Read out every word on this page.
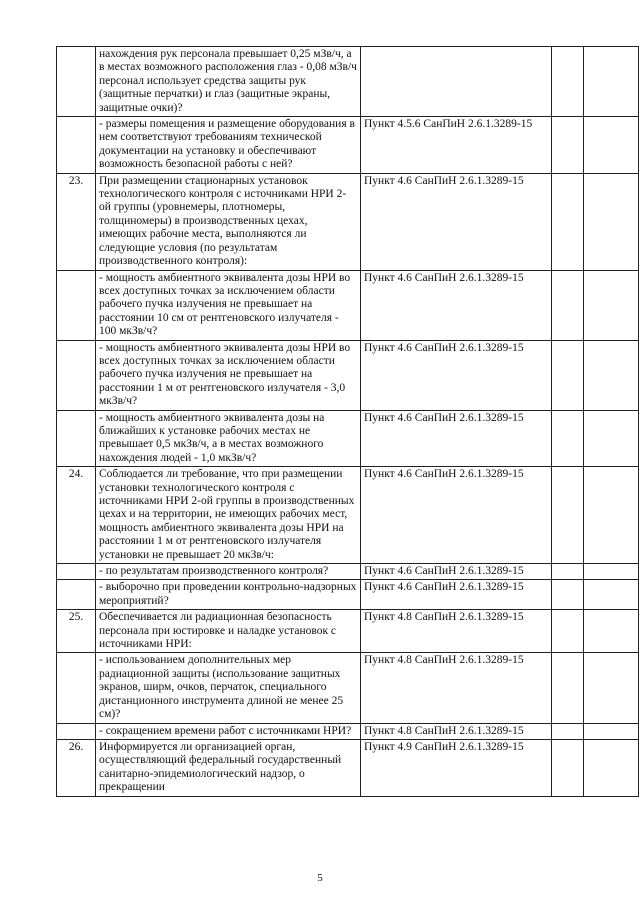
	нахождения рук персонала превышает 0,25 мЗв/ч, а в местах возможного расположения глаз - 0,08 мЗв/ч персонал использует средства защиты рук (защитные перчатки) и глаз (защитные экраны, защитные очки)?			
	- размеры помещения и размещение оборудования в нем соответствуют требованиям технической документации на установку и обеспечивают возможность безопасной работы с ней?	Пункт 4.5.6 СанПиН 2.6.1.3289-15		
23.	При размещении стационарных установок технологического контроля с источниками НРИ 2-ой группы (уровнемеры, плотномеры, толщиномеры) в производственных цехах, имеющих рабочие места, выполняются ли следующие условия (по результатам производственного контроля):	Пункт 4.6 СанПиН 2.6.1.3289-15		
	- мощность амбиентного эквивалента дозы НРИ во всех доступных точках за исключением области рабочего пучка излучения не превышает на расстоянии 10 см от рентгеновского излучателя - 100 мкЗв/ч?	Пункт 4.6 СанПиН 2.6.1.3289-15		
	- мощность амбиентного эквивалента дозы НРИ во всех доступных точках за исключением области рабочего пучка излучения не превышает на расстоянии 1 м от рентгеновского излучателя - 3,0 мкЗв/ч?	Пункт 4.6 СанПиН 2.6.1.3289-15		
	- мощность амбиентного эквивалента дозы на ближайших к установке рабочих местах не превышает 0,5 мкЗв/ч, а в местах возможного нахождения людей - 1,0 мкЗв/ч?	Пункт 4.6 СанПиН 2.6.1.3289-15		
24.	Соблюдается ли требование, что при размещении установки технологического контроля с источниками НРИ 2-ой группы в производственных цехах и на территории, не имеющих рабочих мест, мощность амбиентного эквивалента дозы НРИ на расстоянии 1 м от рентгеновского излучателя установки не превышает 20 мкЗв/ч:	Пункт 4.6 СанПиН 2.6.1.3289-15		
	- по результатам производственного контроля?	Пункт 4.6 СанПиН 2.6.1.3289-15		
	- выборочно при проведении контрольно-надзорных мероприятий?	Пункт 4.6 СанПиН 2.6.1.3289-15		
25.	Обеспечивается ли радиационная безопасность персонала при юстировке и наладке установок с источниками НРИ:	Пункт 4.8 СанПиН 2.6.1.3289-15		
	- использованием дополнительных мер радиационной защиты (использование защитных экранов, ширм, очков, перчаток, специального дистанционного инструмента длиной не менее 25 см)?	Пункт 4.8 СанПиН 2.6.1.3289-15		
	- сокращением времени работ с источниками НРИ?	Пункт 4.8 СанПиН 2.6.1.3289-15		
26.	Информируется ли организацией орган, осуществляющий федеральный государственный санитарно-эпидемиологический надзор, о прекращении	Пункт 4.9 СанПиН 2.6.1.3289-15		
5
